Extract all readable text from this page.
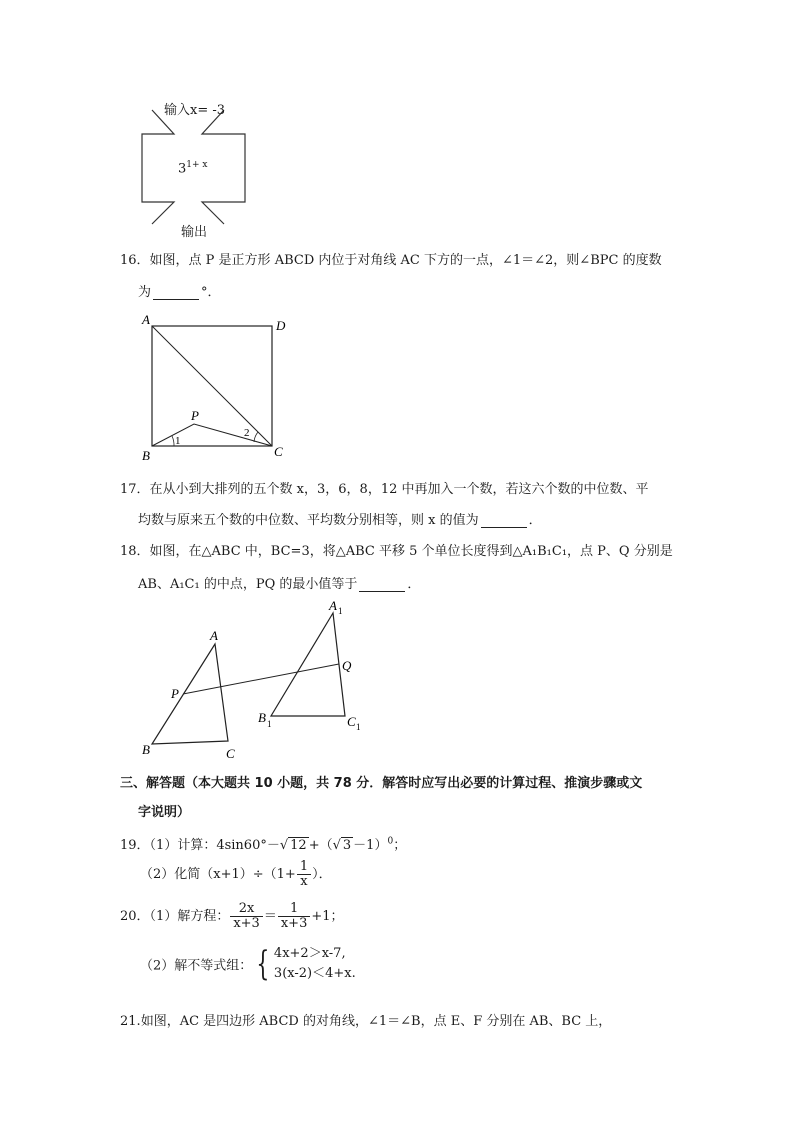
输入x= -3
$3^{1+ x}$
输出
16．如图，点 P 是正方形 ABCD 内位于对角线 AC 下方的一点，∠1＝∠2，则∠BPC 的度数
为	°．
A	D
B	C
P
1
2
17．在从小到大排列的五个数 x，3，6，8，12 中再加入一个数，若这六个数的中位数、平
均数与原来五个数的中位数、平均数分别相等，则 x 的值为	．
18．如图，在△ABC 中，BC=3，将△ABC 平移 5 个单位长度得到△A₁B₁C₁，点 P、Q 分别是
AB、A₁C₁ 的中点，PQ 的最小值等于	．
A
B	C
P
Q
A 1
B 1	C 1
三、解答题（本大题共 10 小题，共 78 分．解答时应写出必要的计算过程、推演步骤或文
字说明）
19．（1）计算：4sin60°－√ 12 +（√ 3 －1）$^0$；
（2）化简$(x+1)\div(1+ \frac{1}{x}$ ）．
20．（1）解方程： $\frac{2x}{x+3} = \frac{1}{x+3} +1$；
（2）解不等式组： { 4x+2＞x-7,
3(x-2)＜4+x.
21.如图，AC 是四边形 ABCD 的对角线，∠1＝∠B，点 E、F 分别在 AB、BC 上，
